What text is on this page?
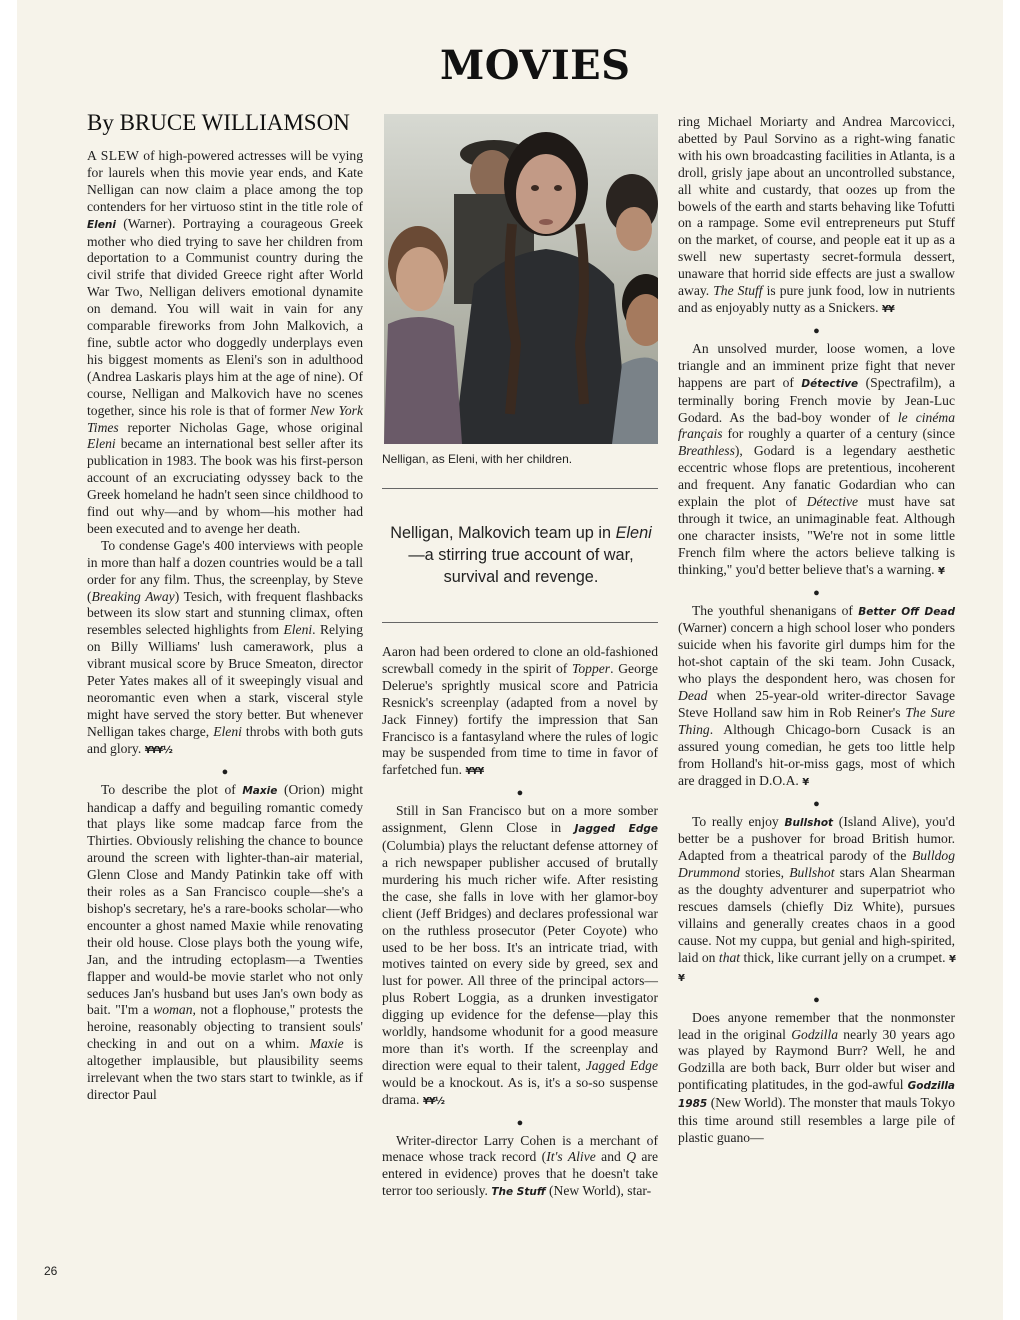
MOVIES
By BRUCE WILLIAMSON
Nelligan, as Eleni, with her children.
Nelligan, Malkovich team up in Eleni—a stirring true account of war, survival and revenge.

A SLEW of high-powered actresses will be vying for laurels when this movie year ends, and Kate Nelligan can now claim a place among the top contenders for her virtuoso stint in the title role of Eleni (Warner). Portraying a courageous Greek mother who died trying to save her children from deportation to a Communist country during the civil strife that divided Greece right after World War Two, Nelligan delivers emotional dynamite on demand. You will wait in vain for any comparable fireworks from John Malkovich, a fine, subtle actor who doggedly underplays even his biggest moments as Eleni's son in adulthood (Andrea Laskaris plays him at the age of nine). Of course, Nelligan and Malkovich have no scenes together, since his role is that of former New York Times reporter Nicholas Gage, whose original Eleni became an international best seller after its publication in 1983. The book was his first-person account of an excruciating odyssey back to the Greek homeland he hadn't seen since childhood to find out why—and by whom—his mother had been executed and to avenge her death.

To condense Gage's 400 interviews with people in more than half a dozen countries would be a tall order for any film. Thus, the screenplay, by Steve (Breaking Away) Tesich, with frequent flashbacks between its slow start and stunning climax, often resembles selected highlights from Eleni. Relying on Billy Williams' lush camerawork, plus a vibrant musical score by Bruce Smeaton, director Peter Yates makes all of it sweepingly visual and neoromantic even when a stark, visceral style might have served the story better. But whenever Nelligan takes charge, Eleni throbs with both guts and glory. ¥¥¥½

●

To describe the plot of Maxie (Orion) might handicap a daffy and beguiling romantic comedy that plays like some madcap farce from the Thirties. Obviously relishing the chance to bounce around the screen with lighter-than-air material, Glenn Close and Mandy Patinkin take off with their roles as a San Francisco couple—she's a bishop's secretary, he's a rare-books scholar—who encounter a ghost named Maxie while renovating their old house. Close plays both the young wife, Jan, and the intruding ectoplasm—a Twenties flapper and would-be movie starlet who not only seduces Jan's husband but uses Jan's own body as bait. "I'm a woman, not a flophouse," protests the heroine, reasonably objecting to transient souls' checking in and out on a whim. Maxie is altogether implausible, but plausibility seems irrelevant when the two stars start to twinkle, as if director Paul

Aaron had been ordered to clone an old-fashioned screwball comedy in the spirit of Topper. George Delerue's sprightly musical score and Patricia Resnick's screenplay (adapted from a novel by Jack Finney) fortify the impression that San Francisco is a fantasyland where the rules of logic may be suspended from time to time in favor of farfetched fun. ¥¥¥

●

Still in San Francisco but on a more somber assignment, Glenn Close in Jagged Edge (Columbia) plays the reluctant defense attorney of a rich newspaper publisher accused of brutally murdering his much richer wife. After resisting the case, she falls in love with her glamor-boy client (Jeff Bridges) and declares professional war on the ruthless prosecutor (Peter Coyote) who used to be her boss. It's an intricate triad, with motives tainted on every side by greed, sex and lust for power. All three of the principal actors—plus Robert Loggia, as a drunken investigator digging up evidence for the defense—play this worldly, handsome whodunit for a good measure more than it's worth. If the screenplay and direction were equal to their talent, Jagged Edge would be a knockout. As is, it's a so-so suspense drama. ¥¥½

●

Writer-director Larry Cohen is a merchant of menace whose track record (It's Alive and Q are entered in evidence) proves that he doesn't take terror too seriously. The Stuff (New World), star-

ring Michael Moriarty and Andrea Marcovicci, abetted by Paul Sorvino as a right-wing fanatic with his own broadcasting facilities in Atlanta, is a droll, grisly jape about an uncontrolled substance, all white and custardy, that oozes up from the bowels of the earth and starts behaving like Tofutti on a rampage. Some evil entrepreneurs put Stuff on the market, of course, and people eat it up as a swell new supertasty secret-formula dessert, unaware that horrid side effects are just a swallow away. The Stuff is pure junk food, low in nutrients and as enjoyably nutty as a Snickers. ¥¥

●

An unsolved murder, loose women, a love triangle and an imminent prize fight that never happens are part of Détective (Spectrafilm), a terminally boring French movie by Jean-Luc Godard. As the bad-boy wonder of le cinéma français for roughly a quarter of a century (since Breathless), Godard is a legendary aesthetic eccentric whose flops are pretentious, incoherent and frequent. Any fanatic Godardian who can explain the plot of Détective must have sat through it twice, an unimaginable feat. Although one character insists, "We're not in some little French film where the actors believe talking is thinking," you'd better believe that's a warning. ¥

●

The youthful shenanigans of Better Off Dead (Warner) concern a high school loser who ponders suicide when his favorite girl dumps him for the hot-shot captain of the ski team. John Cusack, who plays the despondent hero, was chosen for Dead when 25-year-old writer-director Savage Steve Holland saw him in Rob Reiner's The Sure Thing. Although Chicago-born Cusack is an assured young comedian, he gets too little help from Holland's hit-or-miss gags, most of which are dragged in D.O.A. ¥

●

To really enjoy Bullshot (Island Alive), you'd better be a pushover for broad British humor. Adapted from a theatrical parody of the Bulldog Drummond stories, Bullshot stars Alan Shearman as the doughty adventurer and superpatriot who rescues damsels (chiefly Diz White), pursues villains and generally creates chaos in a good cause. Not my cuppa, but genial and high-spirited, laid on that thick, like currant jelly on a crumpet. ¥¥

●

Does anyone remember that the nonmonster lead in the original Godzilla nearly 30 years ago was played by Raymond Burr? Well, he and Godzilla are both back, Burr older but wiser and pontificating platitudes, in the god-awful Godzilla 1985 (New World). The monster that mauls Tokyo this time around still resembles a large pile of plastic guano—

26
